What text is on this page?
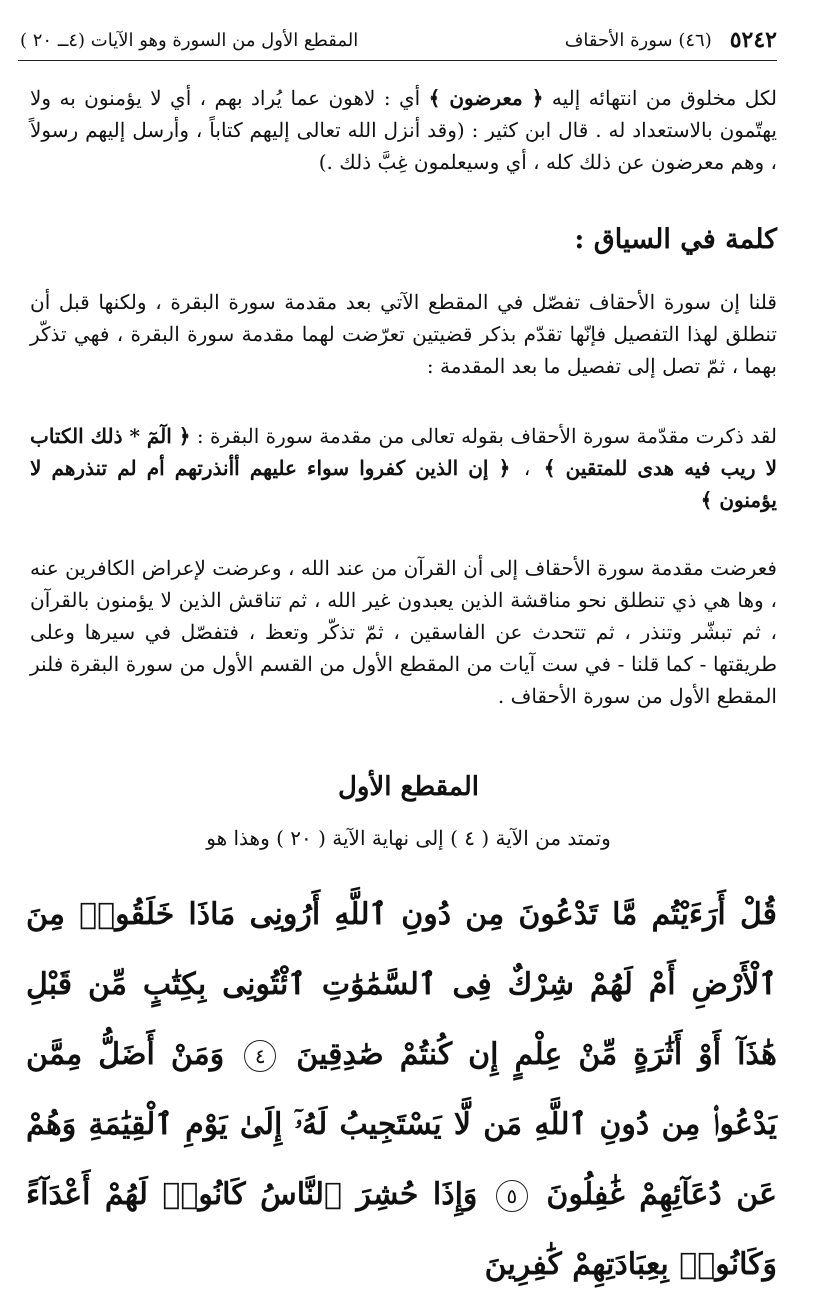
٥٢٤٢
(٤٦) سورة الأحقاف
المقطع الأول من السورة وهو الآيات (٤ــ ٢٠ )
لكل مخلوق من انتهائه إليه ﴿ معرضون ﴾ أي : لاهون عما يُراد بهم ، أي لا يؤمنون به ولا يهتّمون بالاستعداد له . قال ابن كثير : (وقد أنزل الله تعالى إليهم كتاباً ، وأرسل إليهم رسولاً ، وهم معرضون عن ذلك كله ، أي وسيعلمون غِبَّ ذلك .)
كلمة في السياق :
قلنا إن سورة الأحقاف تفصّل في المقطع الآتي بعد مقدمة سورة البقرة ، ولكنها قبل أن تنطلق لهذا التفصيل فإنّها تقدّم بذكر قضيتين تعرّضت لهما مقدمة سورة البقرة ، فهي تذكّر بهما ، ثمّ تصل إلى تفصيل ما بعد المقدمة :
لقد ذكرت مقدّمة سورة الأحقاف بقوله تعالى من مقدمة سورة البقرة : ﴿ الٓمٓ * ذلك الكتاب لا ريب فيه هدى للمتقين ﴾ ، ﴿ إن الذين كفروا سواء عليهم أأنذرتهم أم لم تنذرهم لا يؤمنون ﴾
فعرضت مقدمة سورة الأحقاف إلى أن القرآن من عند الله ، وعرضت لإعراض الكافرين عنه ، وها هي ذي تنطلق نحو مناقشة الذين يعبدون غير الله ، ثم تناقش الذين لا يؤمنون بالقرآن ، ثم تبشّر وتنذر ، ثم تتحدث عن الفاسقين ، ثمّ تذكّر وتعظ ، فتفصّل في سيرها وعلى طريقتها - كما قلنا - في ست آيات من المقطع الأول من القسم الأول من سورة البقرة فلنر المقطع الأول من سورة الأحقاف .
المقطع الأول
وتمتد من الآية ( ٤ ) إلى نهاية الآية ( ٢٠ ) وهذا هو
قُلْ أَرَءَيْتُم مَّا تَدْعُونَ مِن دُونِ ٱللَّهِ أَرُونِى مَاذَا خَلَقُوا۟ مِنَ ٱلْأَرْضِ أَمْ لَهُمْ شِرْكٌ فِى ٱلسَّمَٰوَٰتِ ٱئْتُونِى بِكِتَٰبٍ مِّن قَبْلِ هَٰذَآ أَوْ أَثَٰرَةٍ مِّنْ عِلْمٍ إِن كُنتُمْ صَٰدِقِينَ ٤ وَمَنْ أَضَلُّ مِمَّن يَدْعُوا۟ مِن دُونِ ٱللَّهِ مَن لَّا يَسْتَجِيبُ لَهُۥٓ إِلَىٰ يَوْمِ ٱلْقِيَٰمَةِ وَهُمْ عَن دُعَآئِهِمْ غَٰفِلُونَ ٥ وَإِذَا حُشِرَ ٱلنَّاسُ كَانُوا۟ لَهُمْ أَعْدَآءً وَكَانُوا۟ بِعِبَادَتِهِمْ كَٰفِرِينَ
